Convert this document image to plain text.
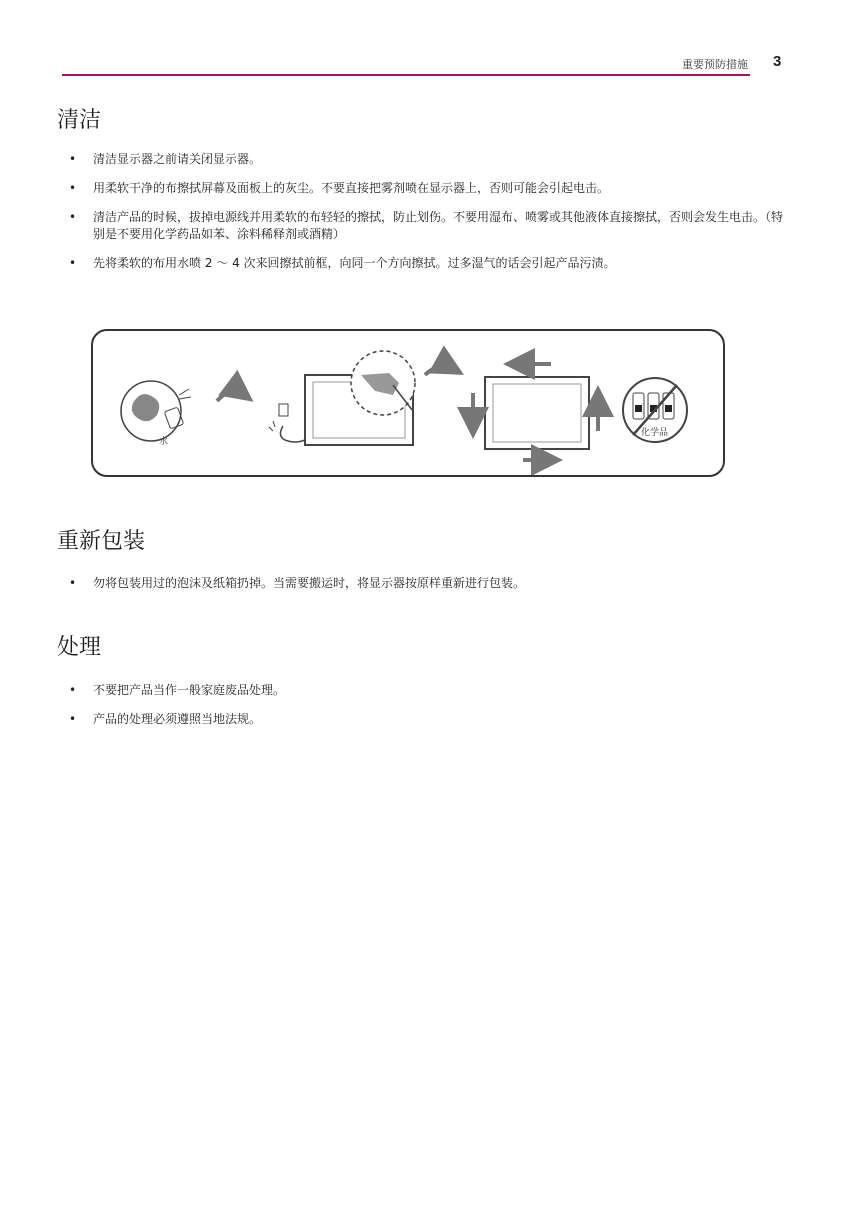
重要预防措施 3
清洁
• 清洁显示器之前请关闭显示器。
• 用柔软干净的布擦拭屏幕及面板上的灰尘。不要直接把雾剂喷在显示器上，否则可能会引起电击。
• 清洁产品的时候，拔掉电源线并用柔软的布轻轻的擦拭，防止划伤。不要用湿布、喷雾或其他液体直接擦拭，否则会发生电击。（特别是不要用化学药品如苯、涂料稀释剂或酒精）
• 先将柔软的布用水喷 2 ～ 4 次来回擦拭前框，向同一个方向擦拭。过多湿气的话会引起产品污渍。
水
化学品
重新包装
• 勿将包装用过的泡沫及纸箱扔掉。当需要搬运时，将显示器按原样重新进行包装。
处理
• 不要把产品当作一般家庭废品处理。
• 产品的处理必须遵照当地法规。
